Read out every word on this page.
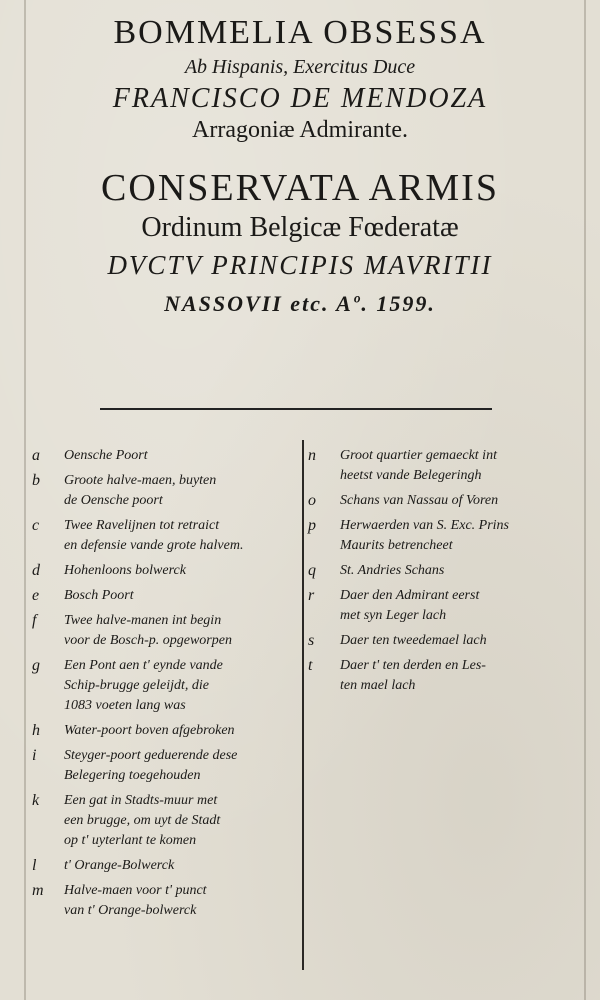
BOMMELIA OBSESSA
Ab Hispanis, Exercitus Duce
FRANCISCO DE MENDOZA
Arragoniæ Admirante.
CONSERVATA ARMIS
Ordinum Belgicæ Fœderatæ
DVCTV PRINCIPIS MAVRITII
NASSOVII etc. Aº. 1599.
a	Oensche Poort
b	Groote halve-maen, buyten
de Oensche poort
c	Twee Ravelijnen tot retraict
en defensie vande grote halvem.
d	Hohenloons bolwerck
e	Bosch Poort
f	Twee halve-manen int begin
voor de Bosch-p. opgeworpen
g	Een Pont aen t' eynde vande
Schip-brugge geleijdt, die
1083 voeten lang was
h	Water-poort boven afgebroken
i	Steyger-poort geduerende dese
Belegering toegehouden
k	Een gat in Stadts-muur met
een brugge, om uyt de Stadt
op t' uyterlant te komen
l	t' Orange-Bolwerck
m	Halve-maen voor t' punct
van t' Orange-bolwerck
n	Groot quartier gemaeckt int
heetst vande Belegeringh
o	Schans van Nassau of Voren
p	Herwaerden van S. Exc. Prins
Maurits betrencheet
q	St. Andries Schans
r	Daer den Admirant eerst
met syn Leger lach
s	Daer ten tweedemael lach
t	Daer t' ten derden en Les-
ten mael lach
